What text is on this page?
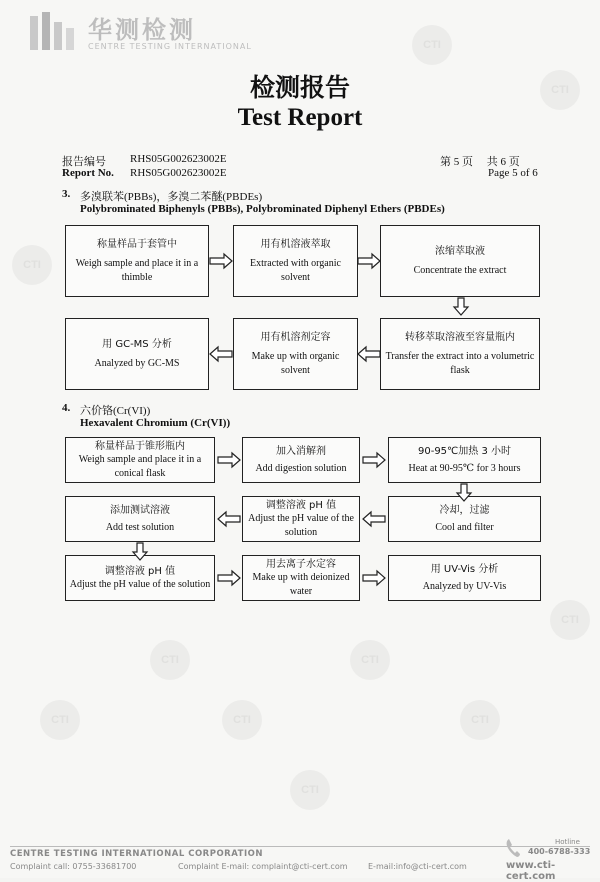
华测检测
CENTRE TESTING INTERNATIONAL
检测报告
Test Report
报告编号 RHS05G002623002E
Report No. RHS05G002623002E
第 5 页　 共 6 页
Page 5 of 6
3. 多溴联苯(PBBs)，多溴二苯醚(PBDEs)
Polybrominated Biphenyls (PBBs), Polybrominated Diphenyl Ethers (PBDEs)
称量样品于套管中
Weigh sample and place it in a thimble
用有机溶液萃取
Extracted with organic solvent
浓缩萃取液
Concentrate the extract
转移萃取溶液至容量瓶内
Transfer the extract into a volumetric flask
用有机溶剂定容
Make up with organic solvent
用 GC-MS 分析
Analyzed by GC-MS
4. 六价铬(Cr(VI))
Hexavalent Chromium (Cr(VI))
称量样品于锥形瓶内
Weigh sample and place it in a conical flask
加入消解剂
Add digestion solution
90-95℃加热 3 小时
Heat at 90-95℃ for 3 hours
冷却，过滤
Cool and filter
调整溶液 pH 值
Adjust the pH value of the solution
添加测试溶液
Add test solution
调整溶液 pH 值
Adjust the pH value of the solution
用去离子水定容
Make up with deionized water
用 UV-Vis 分析
Analyzed by UV-Vis
CTI
CTI
CTI
CTI
CTI
CTI
CTI
CTI
CTI
CTI
CENTRE TESTING INTERNATIONAL CORPORATION
Complaint call: 0755-33681700	Complaint E-mail: complaint@cti-cert.com	E-mail:info@cti-cert.com
Hotline
400-6788-333
www.cti-cert.com
